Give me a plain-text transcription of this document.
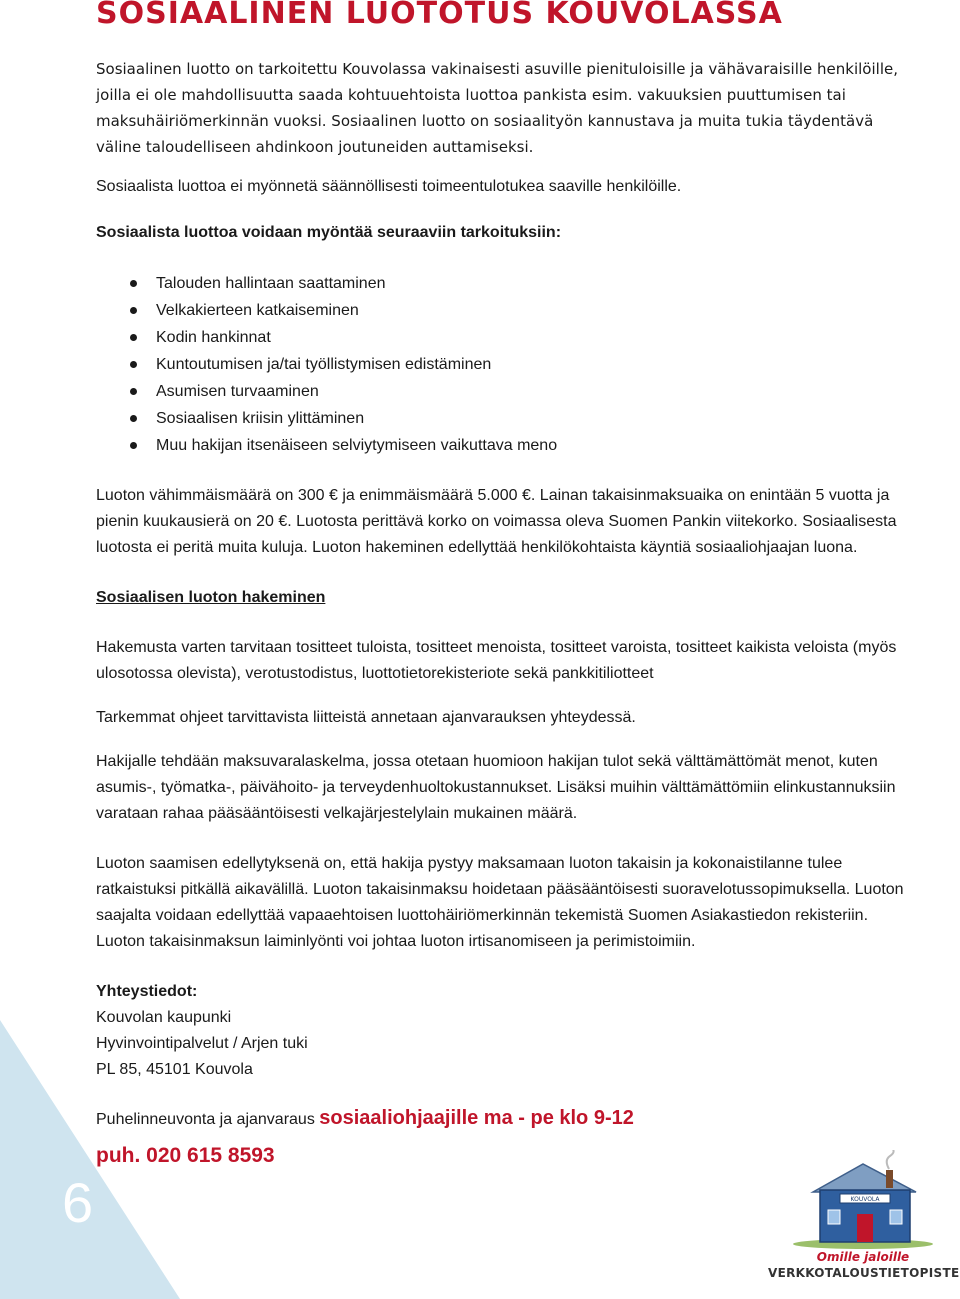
6
SOSIAALINEN LUOTOTUS KOUVOLASSA

Sosiaalinen luotto on tarkoitettu Kouvolassa vakinaisesti asuville pienituloisille ja vähävaraisille henkilöille, joilla ei ole mahdollisuutta saada kohtuuehtoista luottoa pankista esim. vakuuksien puuttumisen tai maksuhäiriömerkinnän vuoksi. Sosiaalinen luotto on sosiaalityön kannustava ja muita tukia täydentävä väline taloudelliseen ahdinkoon joutuneiden auttamiseksi.

Sosiaalista luottoa ei myönnetä säännöllisesti toimeentulotukea saaville henkilöille.

Sosiaalista luottoa voidaan myöntää seuraaviin tarkoituksiin:

Talouden hallintaan saattaminen
Velkakierteen katkaiseminen
Kodin hankinnat
Kuntoutumisen ja/tai työllistymisen edistäminen
Asumisen turvaaminen
Sosiaalisen kriisin ylittäminen
Muu hakijan itsenäiseen selviytymiseen vaikuttava meno

Luoton vähimmäismäärä on 300 € ja enimmäismäärä 5.000 €. Lainan takaisinmaksuaika on enintään 5 vuotta ja pienin kuukausierä on 20 €. Luotosta perittävä korko on voimassa oleva Suomen Pankin viitekorko. Sosiaalisesta luotosta ei peritä muita kuluja. Luoton hakeminen edellyttää henkilökohtaista käyntiä sosiaaliohjaajan luona.

Sosiaalisen luoton hakeminen

Hakemusta varten tarvitaan tositteet tuloista, tositteet menoista, tositteet varoista, tositteet kaikista veloista (myös ulosotossa olevista), verotustodistus, luottotietorekisteriote sekä pankkitiliotteet

Tarkemmat ohjeet tarvittavista liitteistä annetaan ajanvarauksen yhteydessä.

Hakijalle tehdään maksuvaralaskelma, jossa otetaan huomioon hakijan tulot sekä välttämättömät menot, kuten asumis-, työmatka-, päivähoito- ja terveydenhuoltokustannukset. Lisäksi muihin välttämättömiin elinkustannuksiin varataan rahaa pääsääntöisesti velkajärjestelylain mukainen määrä.

Luoton saamisen edellytyksenä on, että hakija pystyy maksamaan luoton takaisin ja kokonaistilanne tulee ratkaistuksi pitkällä aikavälillä. Luoton takaisinmaksu hoidetaan pääsääntöisesti suoravelotussopimuksella. Luoton saajalta voidaan edellyttää vapaaehtoisen luottohäiriömerkinnän tekemistä Suomen Asiakastiedon rekisteriin. Luoton takaisinmaksun laiminlyönti voi johtaa luoton irtisanomiseen ja perimistoimiin.

Yhteystiedot:

Kouvolan kaupunki

Hyvinvointipalvelut / Arjen tuki

PL 85, 45101 Kouvola

Puhelinneuvonta ja ajanvaraus sosiaaliohjaajille ma - pe klo 9-12

puh. 020 615 8593

KOUVOLA
Omille jaloille
VERKKOTALOUSTIETOPISTE
